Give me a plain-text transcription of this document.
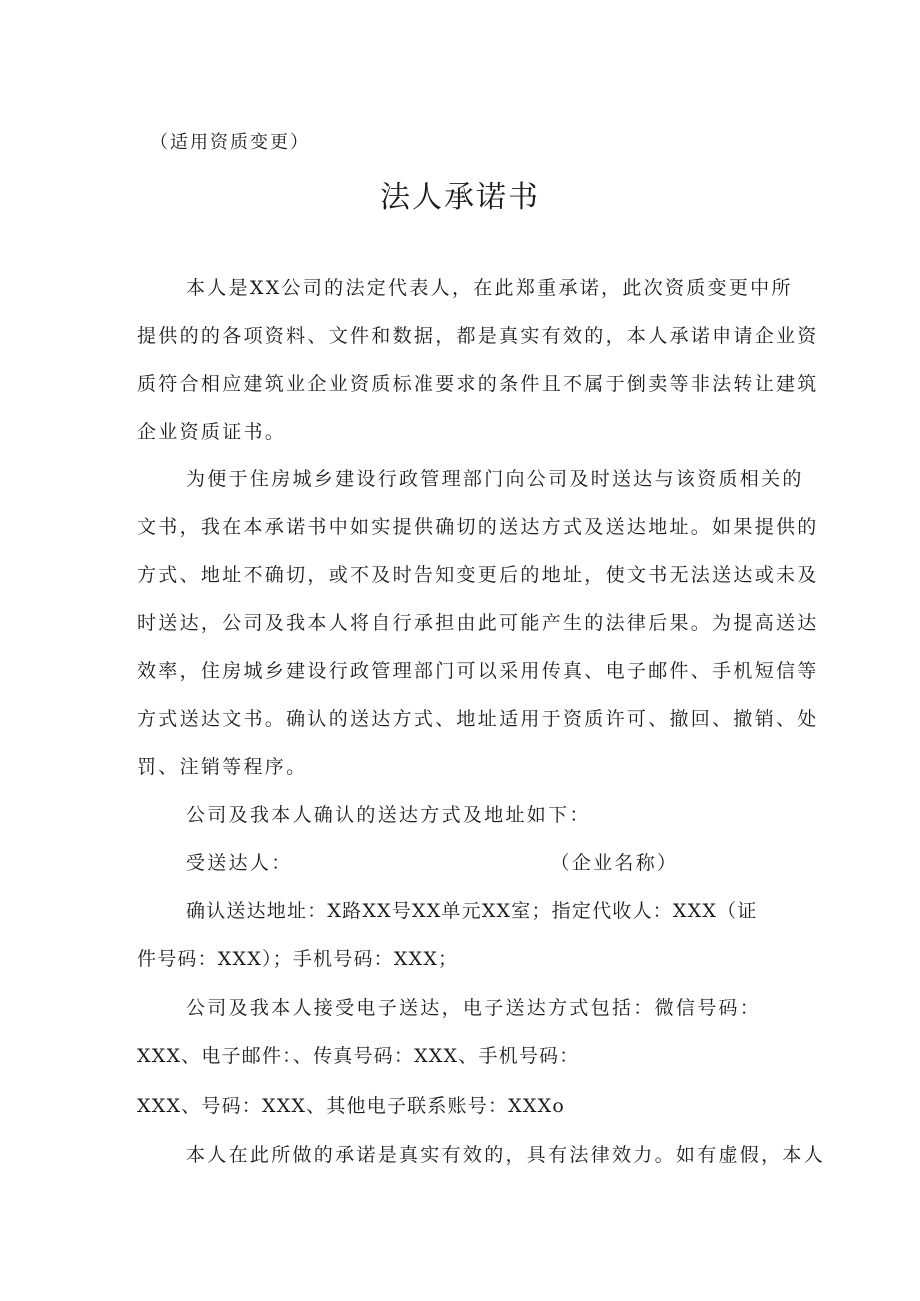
（适用资质变更）
法人承诺书
本人是XX公司的法定代表人，在此郑重承诺，此次资质变更中所
提供的的各项资料、文件和数据，都是真实有效的，本人承诺申请企业资
质符合相应建筑业企业资质标准要求的条件且不属于倒卖等非法转让建筑
企业资质证书。
为便于住房城乡建设行政管理部门向公司及时送达与该资质相关的
文书，我在本承诺书中如实提供确切的送达方式及送达地址。如果提供的
方式、地址不确切，或不及时告知变更后的地址，使文书无法送达或未及
时送达，公司及我本人将自行承担由此可能产生的法律后果。为提高送达
效率，住房城乡建设行政管理部门可以采用传真、电子邮件、手机短信等
方式送达文书。确认的送达方式、地址适用于资质许可、撤回、撤销、处
罚、注销等程序。
公司及我本人确认的送达方式及地址如下：
受送达人：	（企业名称）
确认送达地址：X路XX号XX单元XX室；指定代收人：XXX（证
件号码：XXX）；手机号码：XXX；
公司及我本人接受电子送达，电子送达方式包括：微信号码：
XXX、电子邮件：、传真号码：XXX、手机号码：
XXX、号码：XXX、其他电子联系账号：XXXo
本人在此所做的承诺是真实有效的，具有法律效力。如有虚假，本人
